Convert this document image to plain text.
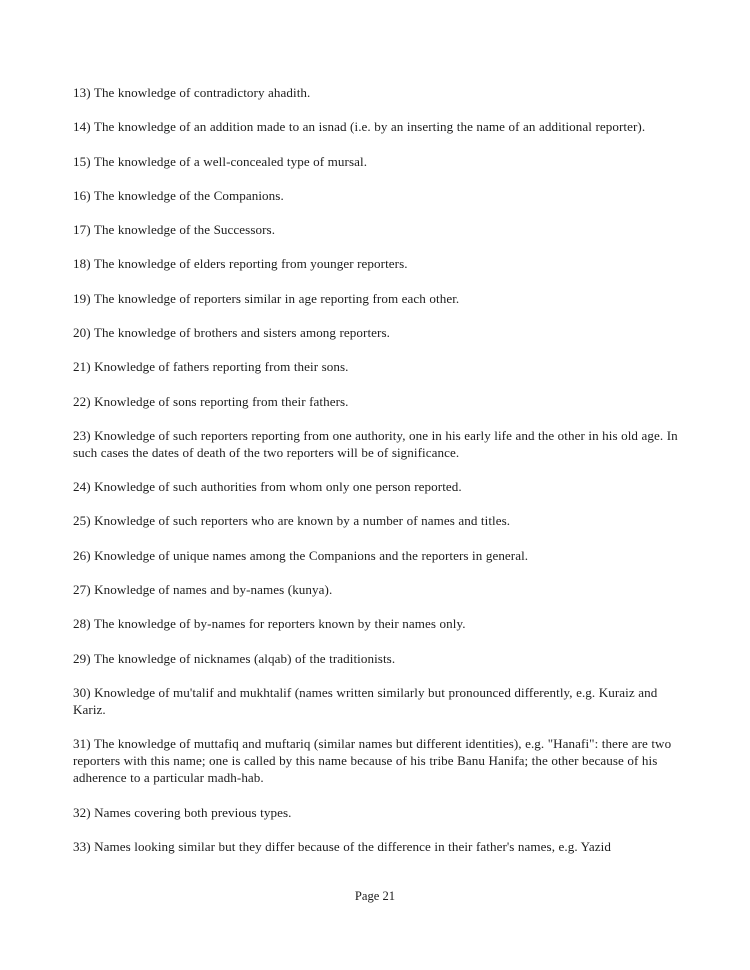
13) The knowledge of contradictory ahadith.

14) The knowledge of an addition made to an isnad (i.e. by an inserting the name of an additional reporter).

15) The knowledge of a well-concealed type of mursal.

16) The knowledge of the Companions.

17) The knowledge of the Successors.

18) The knowledge of elders reporting from younger reporters.

19) The knowledge of reporters similar in age reporting from each other.

20) The knowledge of brothers and sisters among reporters.

21) Knowledge of fathers reporting from their sons.

22) Knowledge of sons reporting from their fathers.

23) Knowledge of such reporters reporting from one authority, one in his early life and the other in his old age. In such cases the dates of death of the two reporters will be of significance.

24) Knowledge of such authorities from whom only one person reported.

25) Knowledge of such reporters who are known by a number of names and titles.

26) Knowledge of unique names among the Companions and the reporters in general.

27) Knowledge of names and by-names (kunya).

28) The knowledge of by-names for reporters known by their names only.

29) The knowledge of nicknames (alqab) of the traditionists.

30) Knowledge of mu'talif and mukhtalif (names written similarly but pronounced differently, e.g. Kuraiz and Kariz.

31) The knowledge of muttafiq and muftariq (similar names but different identities), e.g. "Hanafi": there are two reporters with this name; one is called by this name because of his tribe Banu Hanifa; the other because of his adherence to a particular madh-hab.

32) Names covering both previous types.

33) Names looking similar but they differ because of the difference in their father's names, e.g. Yazid

Page 21
